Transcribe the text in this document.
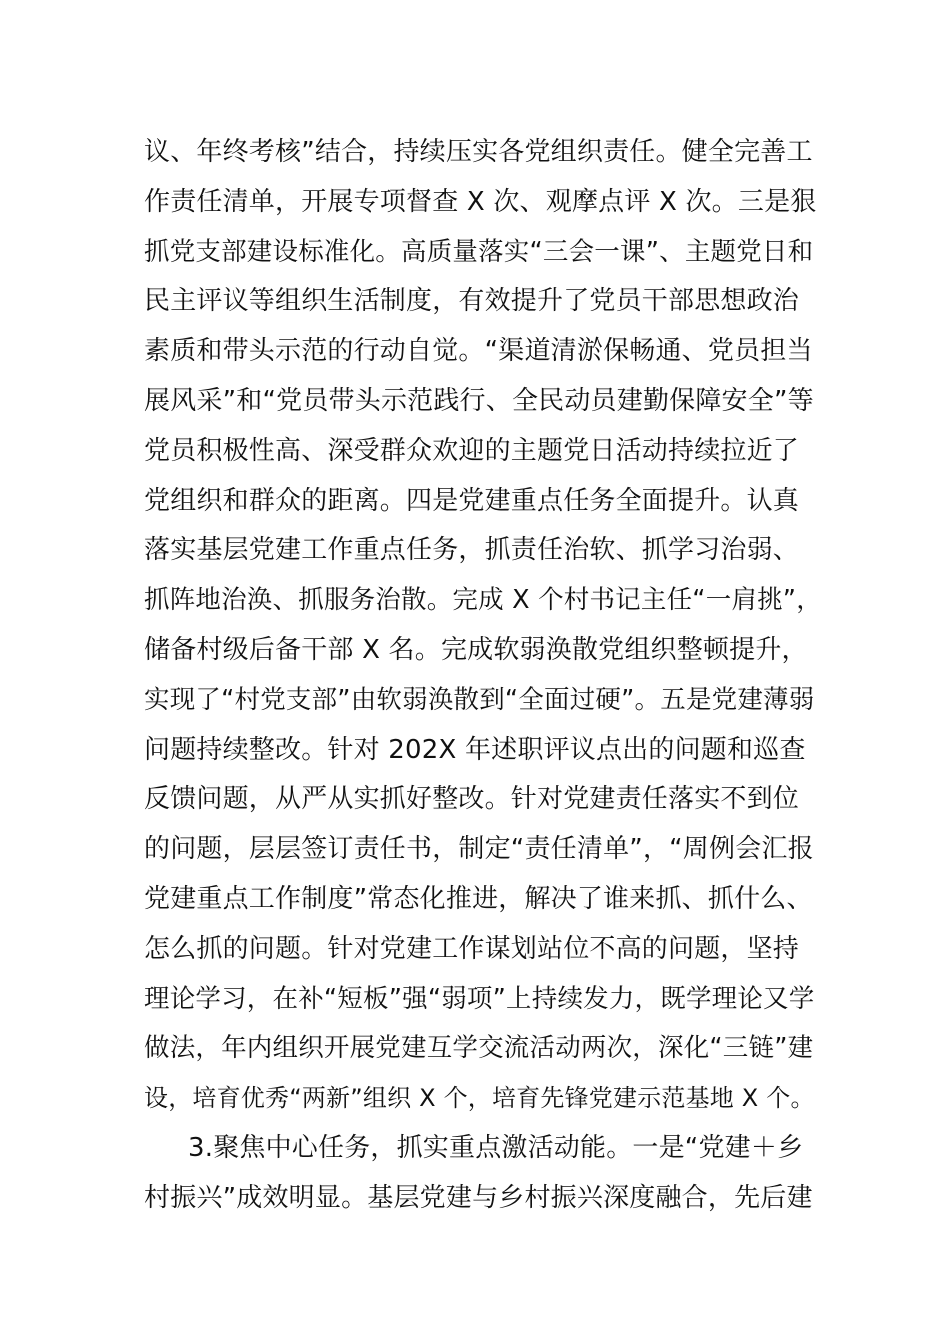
议、年终考核”结合，持续压实各党组织责任。健全完善工
作责任清单，开展专项督查 X 次、观摩点评 X 次。三是狠
抓党支部建设标准化。高质量落实“三会一课”、主题党日和
民主评议等组织生活制度，有效提升了党员干部思想政治
素质和带头示范的行动自觉。“渠道清淤保畅通、党员担当
展风采”和“党员带头示范践行、全民动员建勤保障安全”等
党员积极性高、深受群众欢迎的主题党日活动持续拉近了
党组织和群众的距离。四是党建重点任务全面提升。认真
落实基层党建工作重点任务，抓责任治软、抓学习治弱、
抓阵地治涣、抓服务治散。完成 X 个村书记主任“一肩挑”，
储备村级后备干部 X 名。完成软弱涣散党组织整顿提升，
实现了“村党支部”由软弱涣散到“全面过硬”。五是党建薄弱
问题持续整改。针对 202X 年述职评议点出的问题和巡查
反馈问题，从严从实抓好整改。针对党建责任落实不到位
的问题，层层签订责任书，制定“责任清单”，“周例会汇报
党建重点工作制度”常态化推进，解决了谁来抓、抓什么、
怎么抓的问题。针对党建工作谋划站位不高的问题，坚持
理论学习，在补“短板”强“弱项”上持续发力，既学理论又学
做法，年内组织开展党建互学交流活动两次，深化“三链”建
设，培育优秀“两新”组织 X 个，培育先锋党建示范基地 X 个。
3.聚焦中心任务，抓实重点激活动能。一是“党建＋乡
村振兴”成效明显。基层党建与乡村振兴深度融合，先后建
